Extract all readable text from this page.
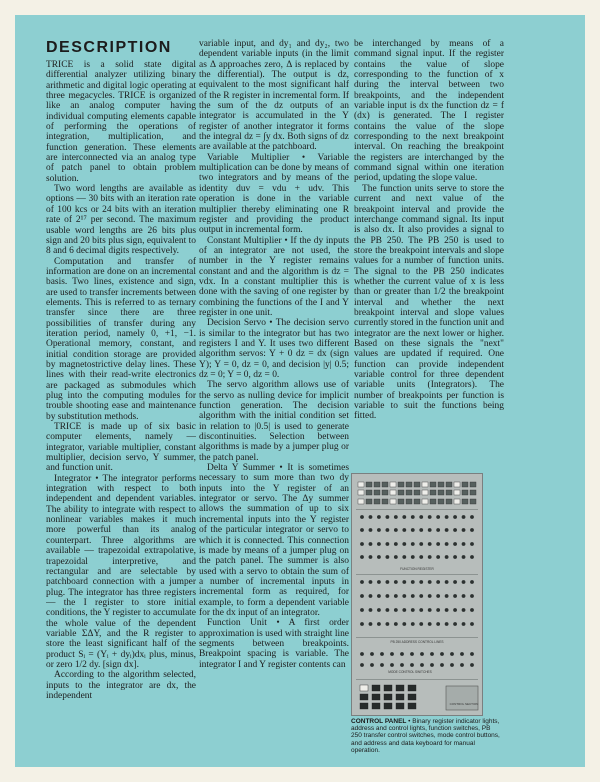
DESCRIPTION

TRICE is a solid state digital differential analyzer utilizing binary arithmetic and digital logic operating at three megacycles. TRICE is organized like an analog computer having individual computing elements capable of performing the operations of integration, multiplication, and function generation. These elements are interconnected via an analog type of patch panel to obtain problem solution.

Two word lengths are available as options — 30 bits with an iteration rate of 100 kcs or 24 bits with an iteration rate of 2¹⁷ per second. The maximum usable word lengths are 26 bits plus sign and 20 bits plus sign, equivalent to 8 and 6 decimal digits respectively.

Computation and transfer of information are done on an incremental basis. Two lines, existence and sign, are used to transfer increments between elements. This is referred to as ternary transfer since there are three possibilities of transfer during any iteration period, namely 0, +1, −1. Operational memory, constant, and initial condition storage are provided by magnetostrictive delay lines. These lines with their read-write electronics are packaged as submodules which plug into the computing modules for trouble shooting ease and maintenance by substitution methods.

TRICE is made up of six basic computer elements, namely — integrator, variable multiplier, constant multiplier, decision servo, Y summer, and function unit.

Integrator • The integrator performs integration with respect to both independent and dependent variables. The ability to integrate with respect to nonlinear variables makes it much more powerful than its analog counterpart. Three algorithms are available — trapezoidal extrapolative, trapezoidal interpretive, and rectangular and are selectable by patchboard connection with a jumper plug. The integrator has three registers — the I register to store initial conditions, the Y register to accumulate the whole value of the dependent variable ΣΔY, and the R register to store the least significant half of the product Sᵢ = (Yᵢ + dyᵢ)dxᵢ plus, minus, or zero 1/2 dy. [sign dx].

According to the algorithm selected, inputs to the integrator are dx, the independent

variable input, and dy₁ and dy₂, two dependent variable inputs (in the limit as Δ approaches zero, Δ is replaced by the differential). The output is dz, equivalent to the most significant half of the R register in incremental form. If the sum of the dz outputs of an integrator is accumulated in the Y register of another integrator it forms the integral dz = ∫y dx. Both signs of dz are available at the patchboard.

Variable Multiplier • Variable multiplication can be done by means of two integrators and by means of the identity duv = vdu + udv. This operation is done in the variable multiplier thereby eliminating one R register and providing the product output in incremental form.

Constant Multiplier • If the dy inputs of an integrator are not used, the number in the Y register remains constant and and the algorithm is dz = vdx. In a constant multiplier this is done with the saving of one register by combining the functions of the I and Y register in one unit.

Decision Servo • The decision servo is similar to the integrator but has two registers I and Y. It uses two different algorithm servos: Y + 0 dz = dx (sign Y); Y = 0, dz = 0, and decision |y| 0.5; dz = 0; Y = 0, dz = 0.

The servo algorithm allows use of the servo as nulling device for implicit function generation. The decision algorithm with the initial condition set in relation to |0.5| is used to generate discontinuities. Selection between algorithms is made by a jumper plug or the patch panel.

Delta Y Summer • It is sometimes necessary to sum more than two dy inputs into the Y register of an integrator or servo. The Δy summer allows the summation of up to six incremental inputs into the Y register of the particular integrator or servo to which it is connected. This connection is made by means of a jumper plug on the patch panel. The summer is also used with a servo to obtain the sum of a number of incremental inputs in incremental form as required, for example, to form a dependent variable for the dx input of an integrator.

Function Unit • A first order approximation is used with straight line segments between breakpoints. Breakpoint spacing is variable. The integrator I and Y register contents can

be interchanged by means of a command signal input. If the register contains the value of slope corresponding to the function of x during the interval between two breakpoints, and the independent variable input is dx the function dz = f (dx) is generated. The I register contains the value of the slope corresponding to the next breakpoint interval. On reaching the breakpoint the registers are interchanged by the command signal within one iteration period, updating the slope value.

The function units serve to store the current and next value of the breakpoint interval and provide the interchange command signal. Its input is also dx. It also provides a signal to the PB 250. The PB 250 is used to store the breakpoint intervals and slope values for a number of function units. The signal to the PB 250 indicates whether the current value of x is less than or greater than 1/2 the breakpoint interval and whether the next breakpoint interval and slope values currently stored in the function unit and integrator are the next lower or higher. Based on these signals the "next" values are updated if required. One function can provide independent variable control for three dependent variable units (Integrators). The number of breakpoints per function is variable to suit the functions being fitted.

FUNCTION REGISTER
PB 250 ADDRESS CONTROL LINES
MODE CONTROL SWITCHES
CONTROL SECTION
CONTROL PANEL • Binary register indicator lights, address and control lights, function switches, PB 250 transfer control switches, mode control buttons, and address and data keyboard for manual operation.
